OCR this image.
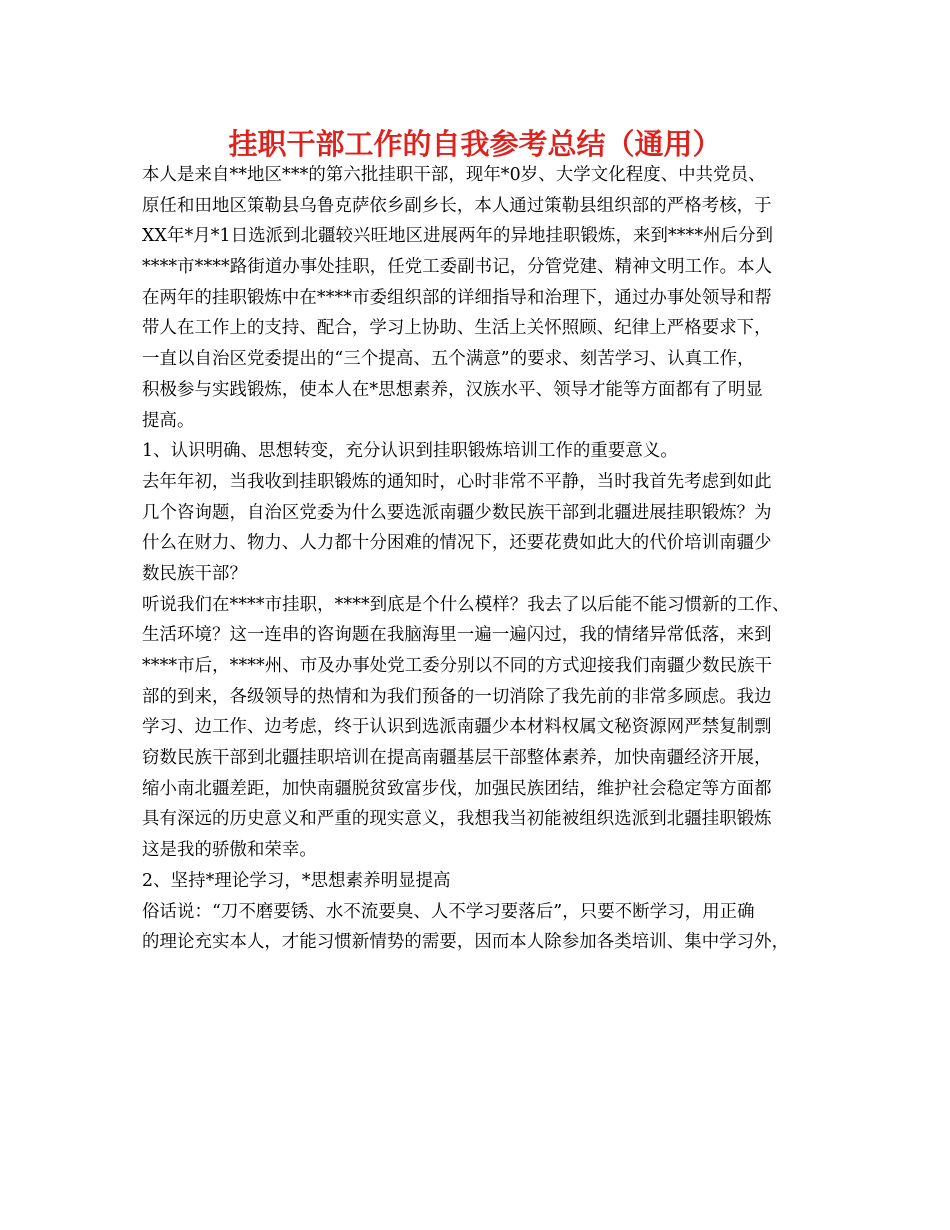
挂职干部工作的自我参考总结（通用）
本人是来自**地区***的第六批挂职干部，现年*0岁、大学文化程度、中共党员、
原任和田地区策勒县乌鲁克萨依乡副乡长，本人通过策勒县组织部的严格考核，于
XX年*月*1日选派到北疆较兴旺地区进展两年的异地挂职锻炼，来到****州后分到
****市****路街道办事处挂职，任党工委副书记，分管党建、精神文明工作。本人
在两年的挂职锻炼中在****市委组织部的详细指导和治理下，通过办事处领导和帮
带人在工作上的支持、配合，学习上协助、生活上关怀照顾、纪律上严格要求下，
一直以自治区党委提出的“三个提高、五个满意”的要求、刻苦学习、认真工作，
积极参与实践锻炼，使本人在*思想素养，汉族水平、领导才能等方面都有了明显
提高。
1、认识明确、思想转变，充分认识到挂职锻炼培训工作的重要意义。
去年年初，当我收到挂职锻炼的通知时，心时非常不平静，当时我首先考虑到如此
几个咨询题，自治区党委为什么要选派南疆少数民族干部到北疆进展挂职锻炼？为
什么在财力、物力、人力都十分困难的情况下，还要花费如此大的代价培训南疆少
数民族干部？
听说我们在****市挂职，****到底是个什么模样？我去了以后能不能习惯新的工作、
生活环境？这一连串的咨询题在我脑海里一遍一遍闪过，我的情绪异常低落，来到
****市后，****州、市及办事处党工委分别以不同的方式迎接我们南疆少数民族干
部的到来，各级领导的热情和为我们预备的一切消除了我先前的非常多顾虑。我边
学习、边工作、边考虑，终于认识到选派南疆少本材料权属文秘资源网严禁复制剽
窃数民族干部到北疆挂职培训在提高南疆基层干部整体素养，加快南疆经济开展，
缩小南北疆差距，加快南疆脱贫致富步伐，加强民族团结，维护社会稳定等方面都
具有深远的历史意义和严重的现实意义，我想我当初能被组织选派到北疆挂职锻炼
这是我的骄傲和荣幸。
2、坚持*理论学习，*思想素养明显提高
俗话说：“刀不磨要锈、水不流要臭、人不学习要落后”，只要不断学习，用正确
的理论充实本人，才能习惯新情势的需要，因而本人除参加各类培训、集中学习外，
